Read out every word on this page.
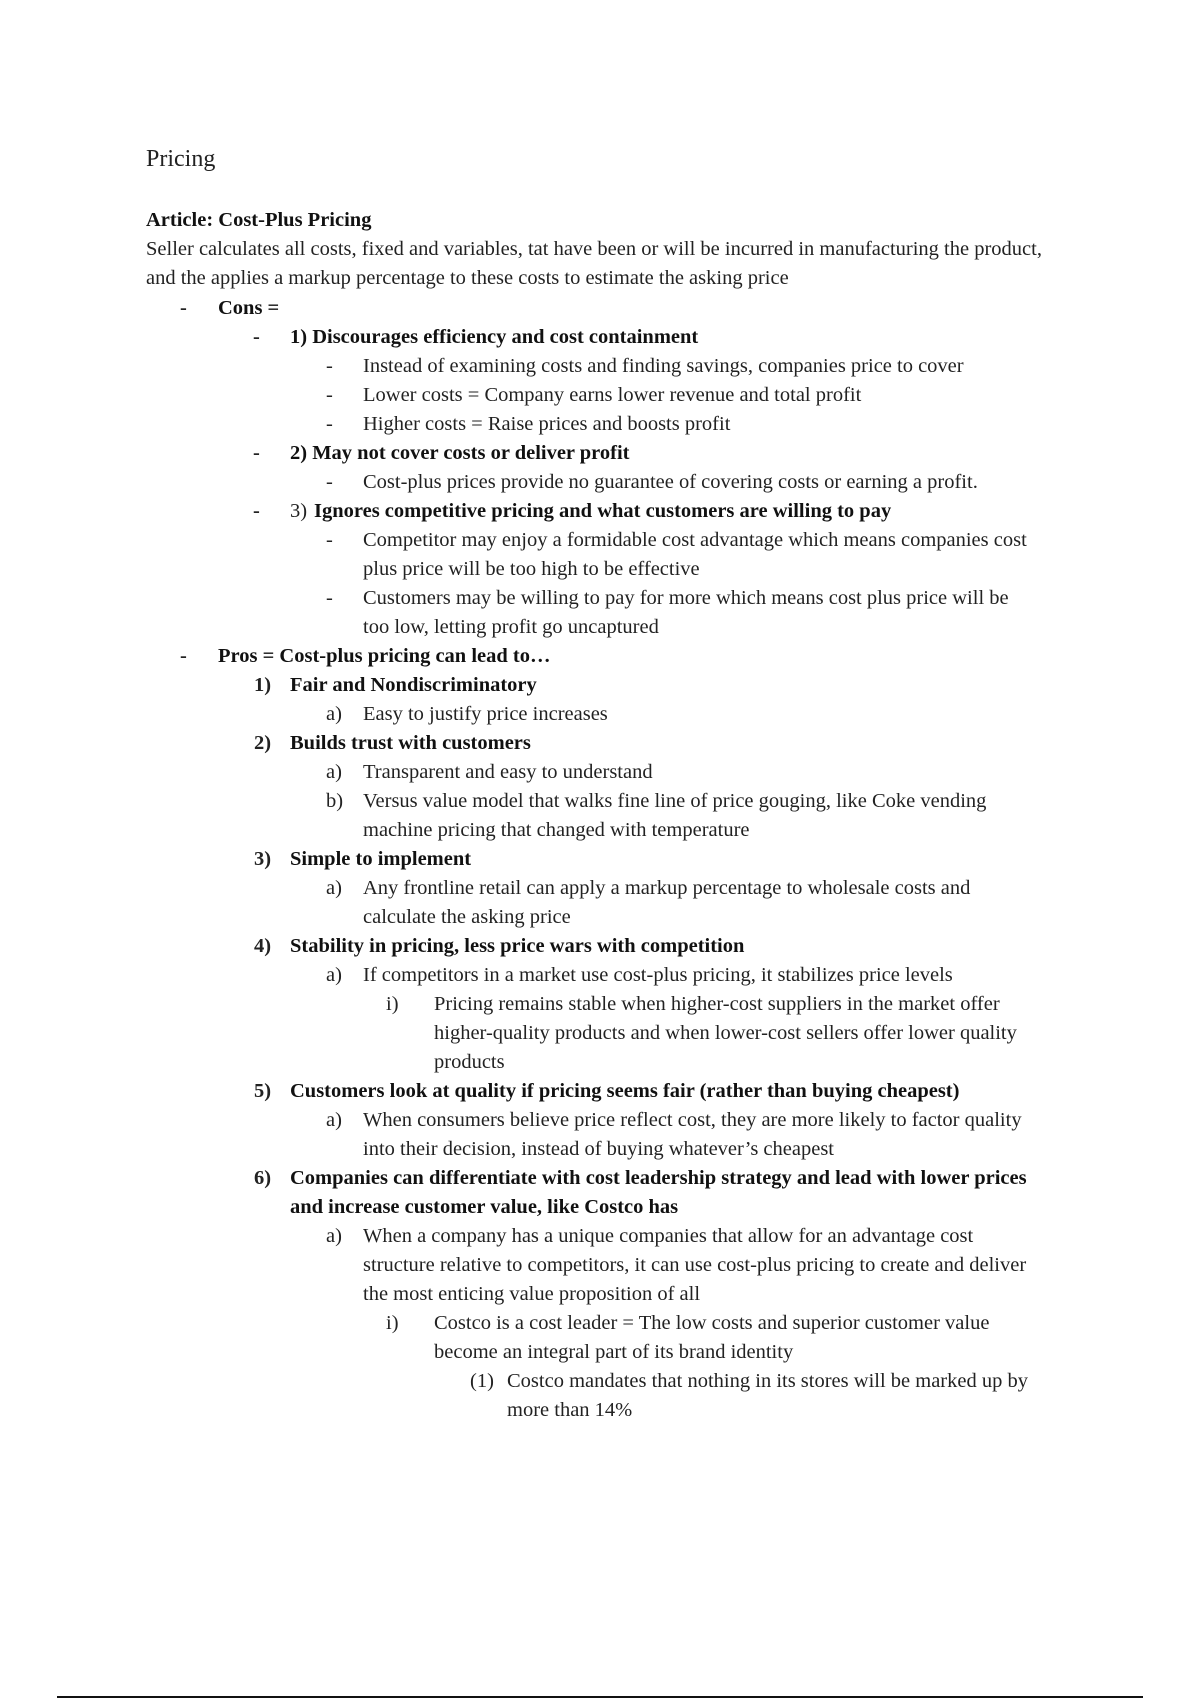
Pricing
Article: Cost-Plus Pricing
Seller calculates all costs, fixed and variables, tat have been or will be incurred in manufacturing the product, and the applies a markup percentage to these costs to estimate the asking price
- Cons =
- 1) Discourages efficiency and cost containment
- Instead of examining costs and finding savings, companies price to cover
- Lower costs = Company earns lower revenue and total profit
- Higher costs = Raise prices and boosts profit
- 2) May not cover costs or deliver profit
- Cost-plus prices provide no guarantee of covering costs or earning a profit.
- 3) Ignores competitive pricing and what customers are willing to pay
- Competitor may enjoy a formidable cost advantage which means companies cost
plus price will be too high to be effective
- Customers may be willing to pay for more which means cost plus price will be
too low, letting profit go uncaptured
- Pros = Cost-plus pricing can lead to…
1) Fair and Nondiscriminatory
a) Easy to justify price increases
2) Builds trust with customers
a) Transparent and easy to understand
b) Versus value model that walks fine line of price gouging, like Coke vending
machine pricing that changed with temperature
3) Simple to implement
a) Any frontline retail can apply a markup percentage to wholesale costs and
calculate the asking price
4) Stability in pricing, less price wars with competition
a) If competitors in a market use cost-plus pricing, it stabilizes price levels
i) Pricing remains stable when higher-cost suppliers in the market offer
higher-quality products and when lower-cost sellers offer lower quality
products
5) Customers look at quality if pricing seems fair (rather than buying cheapest)
a) When consumers believe price reflect cost, they are more likely to factor quality
into their decision, instead of buying whatever’s cheapest
6) Companies can differentiate with cost leadership strategy and lead with lower prices
and increase customer value, like Costco has
a) When a company has a unique companies that allow for an advantage cost
structure relative to competitors, it can use cost-plus pricing to create and deliver
the most enticing value proposition of all
i) Costco is a cost leader = The low costs and superior customer value
become an integral part of its brand identity
(1) Costco mandates that nothing in its stores will be marked up by
more than 14%
